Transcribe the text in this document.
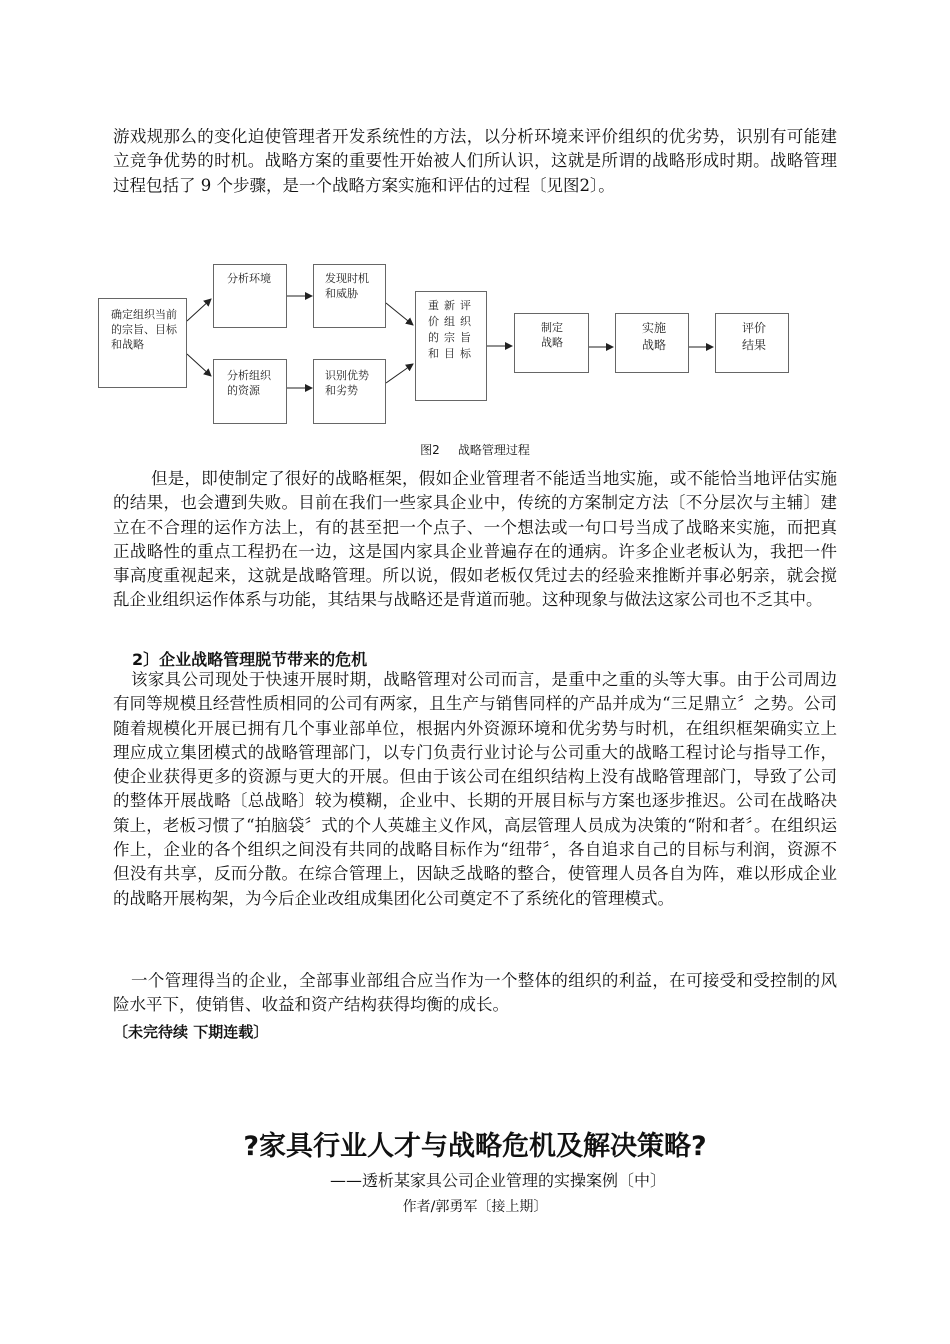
游戏规那么的变化迫使管理者开发系统性的方法，以分析环境来评价组织的优劣势，识别有可能建立竞争优势的时机。战略方案的重要性开始被人们所认识，这就是所谓的战略形成时期。战略管理过程包括了 9 个步骤，是一个战略方案实施和评估的过程〔见图2〕。

确定组织当前的宗旨、目标和战略
分析环境	发现时机和威胁
分析组织的资源
识别优势和劣势
重新评价组织的宗旨和目标
制定战略
实施战略
评价结果
图2 战略管理过程

但是，即使制定了很好的战略框架，假如企业管理者不能适当地实施，或不能恰当地评估实施的结果，也会遭到失败。目前在我们一些家具企业中，传统的方案制定方法〔不分层次与主辅〕建立在不合理的运作方法上，有的甚至把一个点子、一个想法或一句口号当成了战略来实施，而把真正战略性的重点工程扔在一边，这是国内家具企业普遍存在的通病。许多企业老板认为，我把一件事高度重视起来，这就是战略管理。所以说，假如老板仅凭过去的经验来推断并事必躬亲，就会搅乱企业组织运作体系与功能，其结果与战略还是背道而驰。这种现象与做法这家公司也不乏其中。

2〕企业战略管理脱节带来的危机

该家具公司现处于快速开展时期，战略管理对公司而言，是重中之重的头等大事。由于公司周边有同等规模且经营性质相同的公司有两家，且生产与销售同样的产品并成为“三足鼎立〞之势。公司随着规模化开展已拥有几个事业部单位，根据内外资源环境和优劣势与时机，在组织框架确实立上理应成立集团模式的战略管理部门，以专门负责行业讨论与公司重大的战略工程讨论与指导工作，使企业获得更多的资源与更大的开展。但由于该公司在组织结构上没有战略管理部门，导致了公司的整体开展战略〔总战略〕较为模糊，企业中、长期的开展目标与方案也逐步推迟。公司在战略决策上，老板习惯了“拍脑袋〞式的个人英雄主义作风，高层管理人员成为决策的“附和者〞。在组织运作上，企业的各个组织之间没有共同的战略目标作为“纽带〞，各自追求自己的目标与利润，资源不但没有共享，反而分散。在综合管理上，因缺乏战略的整合，使管理人员各自为阵，难以形成企业的战略开展构架，为今后企业改组成集团化公司奠定不了系统化的管理模式。

一个管理得当的企业，全部事业部组合应当作为一个整体的组织的利益，在可接受和受控制的风险水平下，使销售、收益和资产结构获得均衡的成长。

〔未完待续 下期连载〕

?家具行业人才与战略危机及解决策略?

——透析某家具公司企业管理的实操案例〔中〕

作者/郭勇军〔接上期〕
